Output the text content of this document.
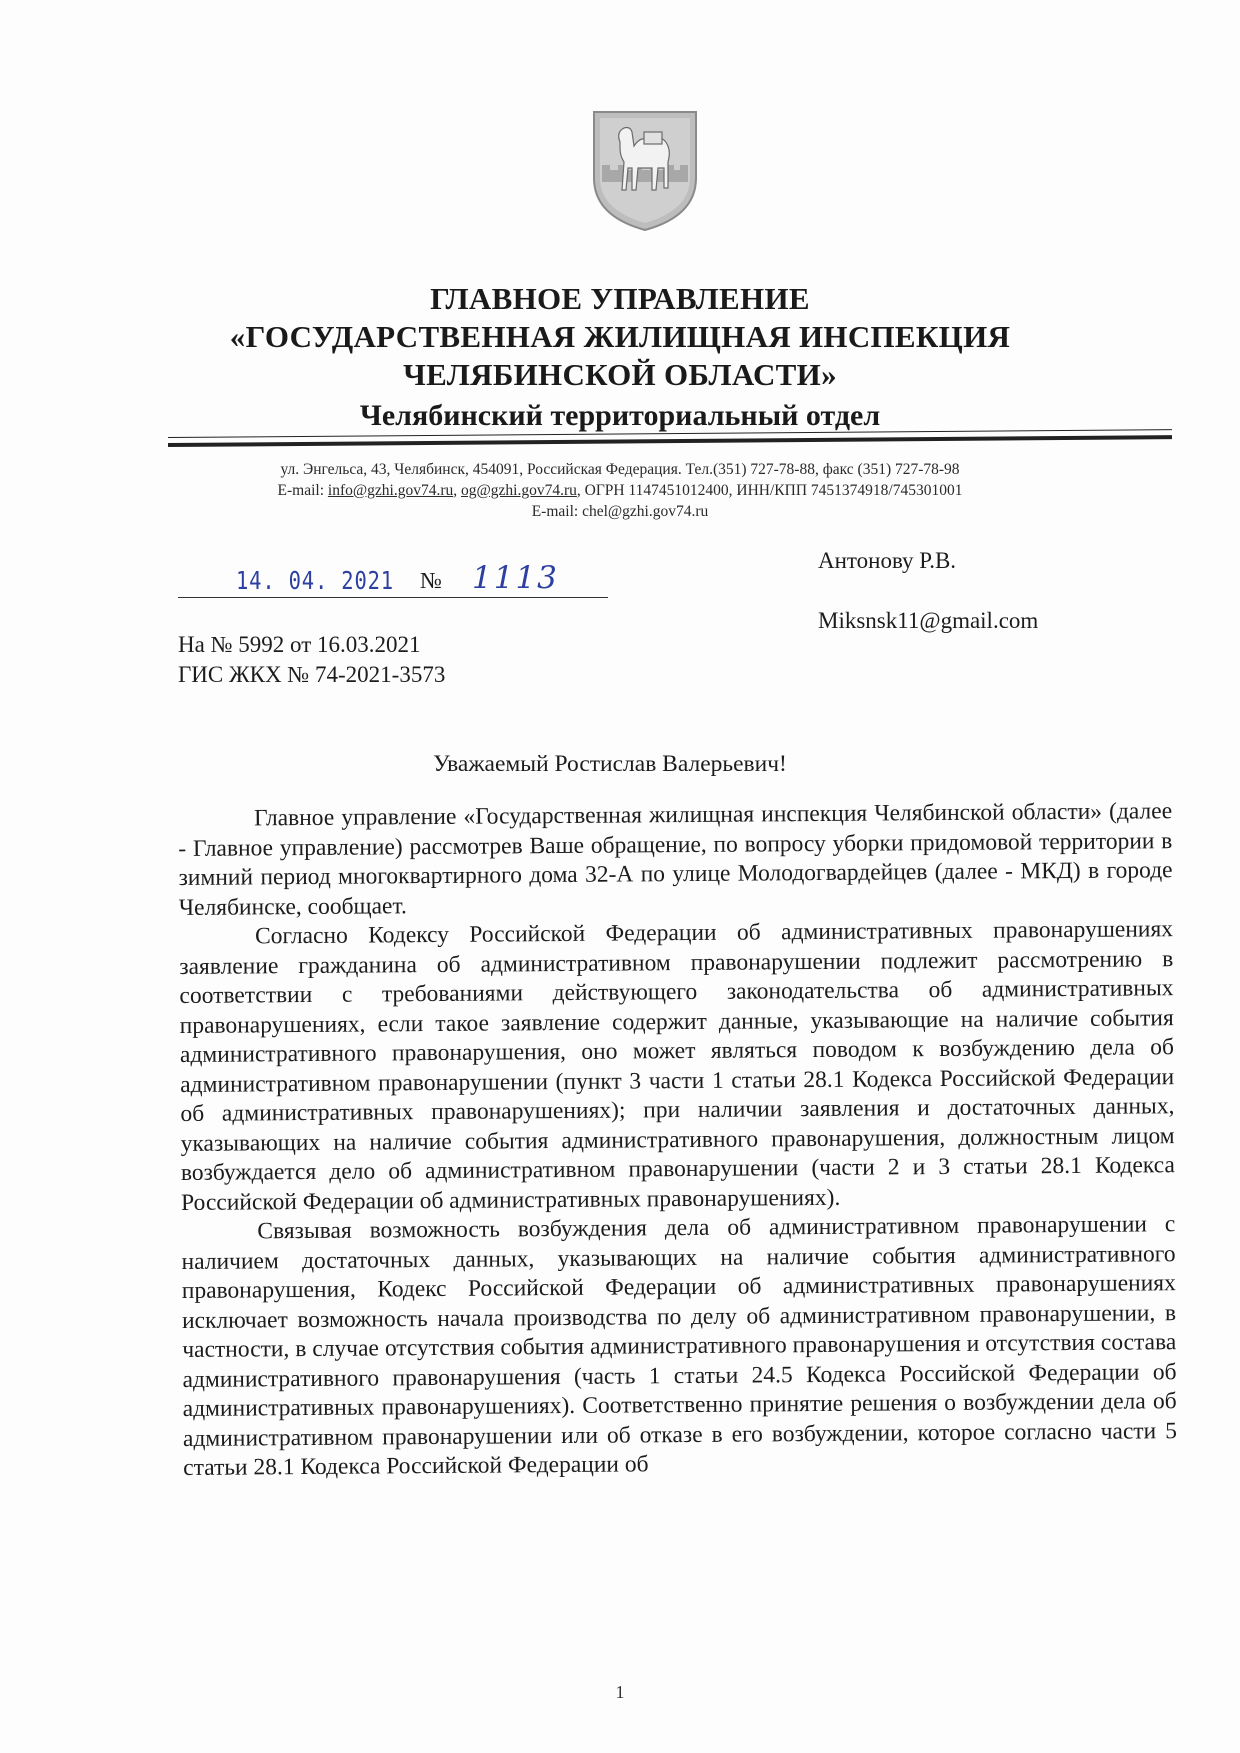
ГЛАВНОЕ УПРАВЛЕНИЕ
«ГОСУДАРСТВЕННАЯ ЖИЛИЩНАЯ ИНСПЕКЦИЯ
ЧЕЛЯБИНСКОЙ ОБЛАСТИ»
Челябинский территориальный отдел
ул. Энгельса, 43, Челябинск, 454091, Российская Федерация. Тел.(351) 727-78-88, факс (351) 727-78-98
E-mail: info@gzhi.gov74.ru, og@gzhi.gov74.ru, ОГРН 1147451012400, ИНН/КПП 7451374918/745301001
E-mail: chel@gzhi.gov74.ru
14. 04. 2021 № 1113	Антонову Р.В.
Miksnsk11@gmail.com
На № 5992 от 16.03.2021
ГИС ЖКХ № 74-2021-3573
Уважаемый Ростислав Валерьевич!

Главное управление «Государственная жилищная инспекция Челябинской области» (далее - Главное управление) рассмотрев Ваше обращение, по вопросу уборки придомовой территории в зимний период многоквартирного дома 32-А по улице Молодогвардейцев (далее - МКД) в городе Челябинске, сообщает.

Согласно Кодексу Российской Федерации об административных правонарушениях заявление гражданина об административном правонарушении подлежит рассмотрению в соответствии с требованиями действующего законодательства об административных правонарушениях, если такое заявление содержит данные, указывающие на наличие события административного правонарушения, оно может являться поводом к возбуждению дела об административном правонарушении (пункт 3 части 1 статьи 28.1 Кодекса Российской Федерации об административных правонарушениях); при наличии заявления и достаточных данных, указывающих на наличие события административного правонарушения, должностным лицом возбуждается дело об административном правонарушении (части 2 и 3 статьи 28.1 Кодекса Российской Федерации об административных правонарушениях).

Связывая возможность возбуждения дела об административном правонарушении с наличием достаточных данных, указывающих на наличие события административного правонарушения, Кодекс Российской Федерации об административных правонарушениях исключает возможность начала производства по делу об административном правонарушении, в частности, в случае отсутствия события административного правонарушения и отсутствия состава административного правонарушения (часть 1 статьи 24.5 Кодекса Российской Федерации об административных правонарушениях). Соответственно принятие решения о возбуждении дела об административном правонарушении или об отказе в его возбуждении, которое согласно части 5 статьи 28.1 Кодекса Российской Федерации об

1
